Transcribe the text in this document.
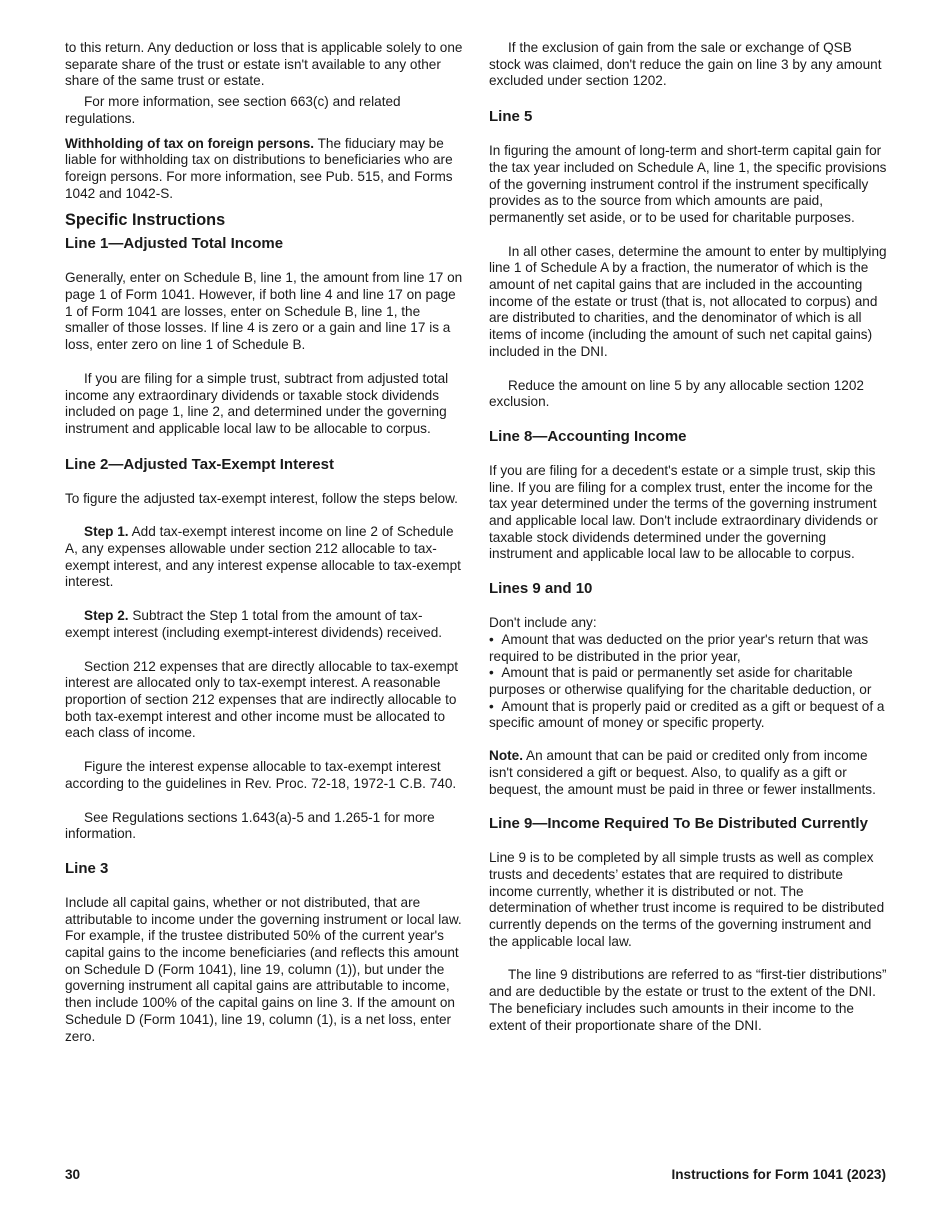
to this return. Any deduction or loss that is applicable solely to one separate share of the trust or estate isn't available to any other share of the same trust or estate.

For more information, see section 663(c) and related regulations.

Withholding of tax on foreign persons. The fiduciary may be liable for withholding tax on distributions to beneficiaries who are foreign persons. For more information, see Pub. 515, and Forms 1042 and 1042-S.

Specific Instructions
Line 1—Adjusted Total Income

Generally, enter on Schedule B, line 1, the amount from line 17 on page 1 of Form 1041. However, if both line 4 and line 17 on page 1 of Form 1041 are losses, enter on Schedule B, line 1, the smaller of those losses. If line 4 is zero or a gain and line 17 is a loss, enter zero on line 1 of Schedule B.

If you are filing for a simple trust, subtract from adjusted total income any extraordinary dividends or taxable stock dividends included on page 1, line 2, and determined under the governing instrument and applicable local law to be allocable to corpus.

Line 2—Adjusted Tax-Exempt Interest

To figure the adjusted tax-exempt interest, follow the steps below.

Step 1. Add tax-exempt interest income on line 2 of Schedule A, any expenses allowable under section 212 allocable to tax-exempt interest, and any interest expense allocable to tax-exempt interest.

Step 2. Subtract the Step 1 total from the amount of tax-exempt interest (including exempt-interest dividends) received.

Section 212 expenses that are directly allocable to tax-exempt interest are allocated only to tax-exempt interest. A reasonable proportion of section 212 expenses that are indirectly allocable to both tax-exempt interest and other income must be allocated to each class of income.

Figure the interest expense allocable to tax-exempt interest according to the guidelines in Rev. Proc. 72-18, 1972-1 C.B. 740.

See Regulations sections 1.643(a)-5 and 1.265-1 for more information.

Line 3

Include all capital gains, whether or not distributed, that are attributable to income under the governing instrument or local law. For example, if the trustee distributed 50% of the current year's capital gains to the income beneficiaries (and reflects this amount on Schedule D (Form 1041), line 19, column (1)), but under the governing instrument all capital gains are attributable to income, then include 100% of the capital gains on line 3. If the amount on Schedule D (Form 1041), line 19, column (1), is a net loss, enter zero.

If the exclusion of gain from the sale or exchange of QSB stock was claimed, don't reduce the gain on line 3 by any amount excluded under section 1202.

Line 5

In figuring the amount of long-term and short-term capital gain for the tax year included on Schedule A, line 1, the specific provisions of the governing instrument control if the instrument specifically provides as to the source from which amounts are paid, permanently set aside, or to be used for charitable purposes.

In all other cases, determine the amount to enter by multiplying line 1 of Schedule A by a fraction, the numerator of which is the amount of net capital gains that are included in the accounting income of the estate or trust (that is, not allocated to corpus) and are distributed to charities, and the denominator of which is all items of income (including the amount of such net capital gains) included in the DNI.

Reduce the amount on line 5 by any allocable section 1202 exclusion.

Line 8—Accounting Income

If you are filing for a decedent's estate or a simple trust, skip this line. If you are filing for a complex trust, enter the income for the tax year determined under the terms of the governing instrument and applicable local law. Don't include extraordinary dividends or taxable stock dividends determined under the governing instrument and applicable local law to be allocable to corpus.

Lines 9 and 10

Don't include any:

•  Amount that was deducted on the prior year's return that was required to be distributed in the prior year,
•  Amount that is paid or permanently set aside for charitable purposes or otherwise qualifying for the charitable deduction, or
•  Amount that is properly paid or credited as a gift or bequest of a specific amount of money or specific property.

Note. An amount that can be paid or credited only from income isn't considered a gift or bequest. Also, to qualify as a gift or bequest, the amount must be paid in three or fewer installments.

Line 9—Income Required To Be Distributed Currently

Line 9 is to be completed by all simple trusts as well as complex trusts and decedents’ estates that are required to distribute income currently, whether it is distributed or not. The determination of whether trust income is required to be distributed currently depends on the terms of the governing instrument and the applicable local law.

The line 9 distributions are referred to as “first-tier distributions” and are deductible by the estate or trust to the extent of the DNI. The beneficiary includes such amounts in their income to the extent of their proportionate share of the DNI.

30	Instructions for Form 1041 (2023)
